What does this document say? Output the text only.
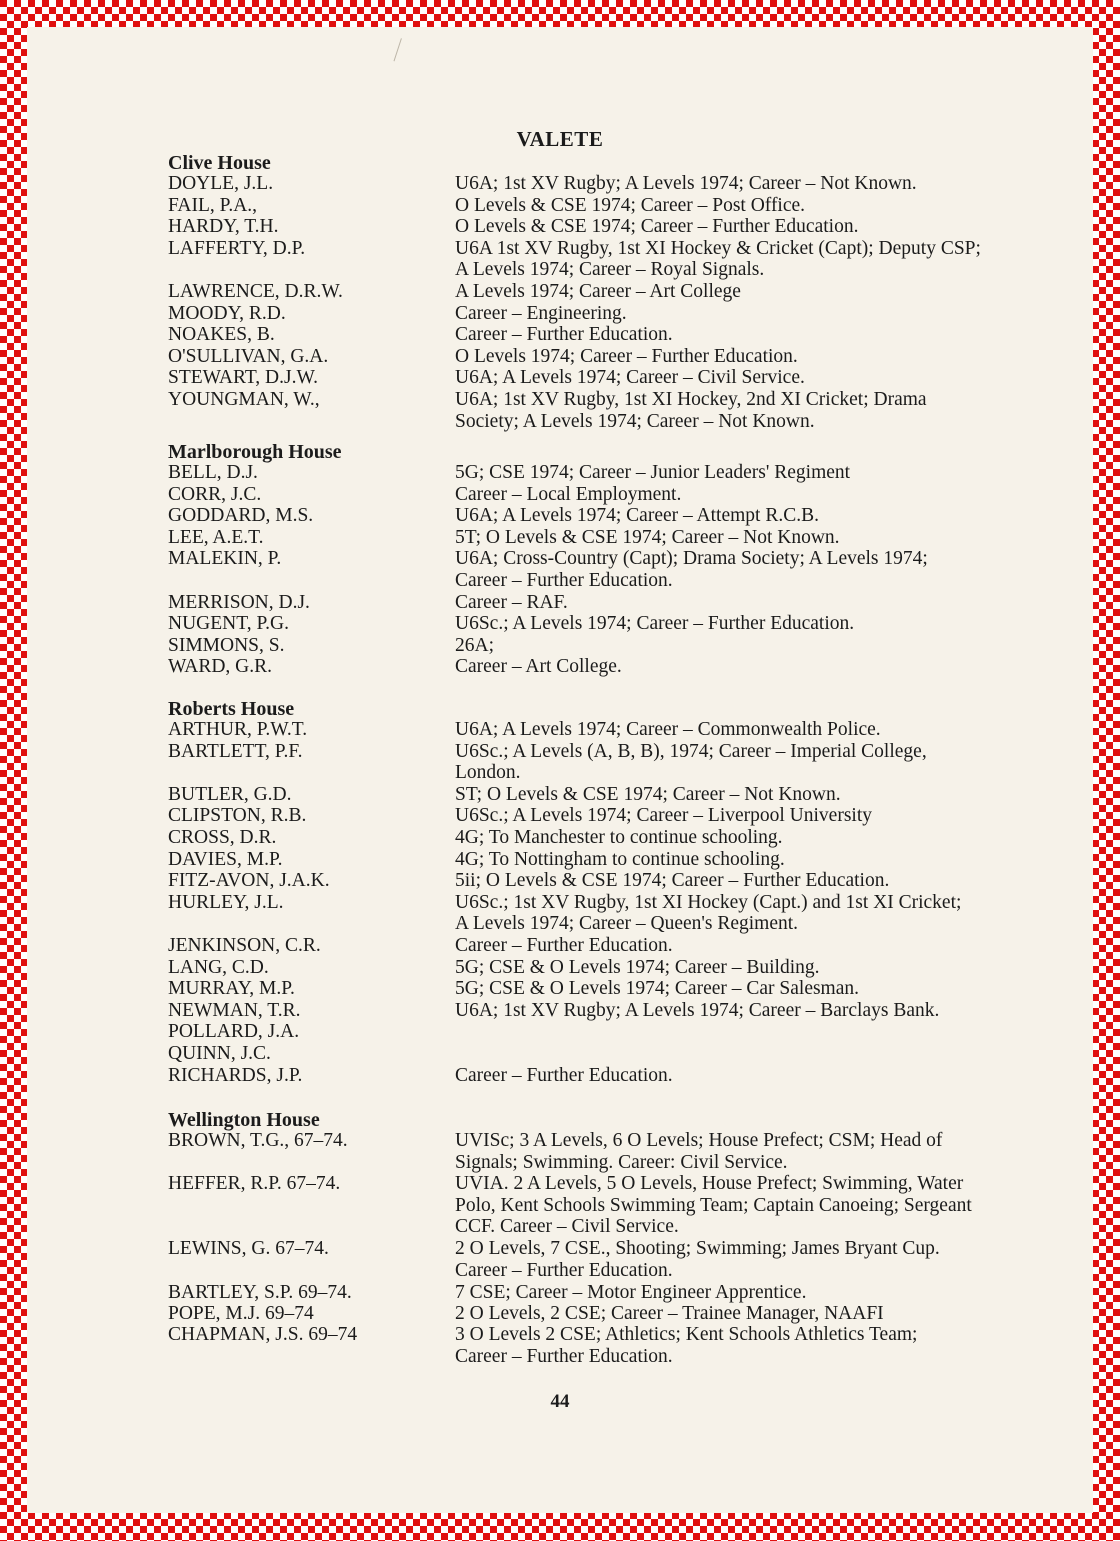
VALETE
Clive House
DOYLE, J.L.	U6A; 1st XV Rugby; A Levels 1974; Career – Not Known.
FAIL, P.A.,	O Levels & CSE 1974; Career – Post Office.
HARDY, T.H.	O Levels & CSE 1974; Career – Further Education.
LAFFERTY, D.P.	U6A 1st XV Rugby, 1st XI Hockey & Cricket (Capt); Deputy CSP;
A Levels 1974; Career – Royal Signals.
LAWRENCE, D.R.W.	A Levels 1974; Career – Art College
MOODY, R.D.	Career – Engineering.
NOAKES, B.	Career – Further Education.
O'SULLIVAN, G.A.	O Levels 1974; Career – Further Education.
STEWART, D.J.W.	U6A; A Levels 1974; Career – Civil Service.
YOUNGMAN, W.,	U6A; 1st XV Rugby, 1st XI Hockey, 2nd XI Cricket; Drama
Society; A Levels 1974; Career – Not Known.
Marlborough House
BELL, D.J.	5G; CSE 1974; Career – Junior Leaders' Regiment
CORR, J.C.	Career – Local Employment.
GODDARD, M.S.	U6A; A Levels 1974; Career – Attempt R.C.B.
LEE, A.E.T.	5T; O Levels & CSE 1974; Career – Not Known.
MALEKIN, P.	U6A; Cross-Country (Capt); Drama Society; A Levels 1974;
Career – Further Education.
MERRISON, D.J.	Career – RAF.
NUGENT, P.G.	U6Sc.; A Levels 1974; Career – Further Education.
SIMMONS, S.	26A;
WARD, G.R.	Career – Art College.
Roberts House
ARTHUR, P.W.T.	U6A; A Levels 1974; Career – Commonwealth Police.
BARTLETT, P.F.	U6Sc.; A Levels (A, B, B), 1974; Career – Imperial College,
London.
BUTLER, G.D.	ST; O Levels & CSE 1974; Career – Not Known.
CLIPSTON, R.B.	U6Sc.; A Levels 1974; Career – Liverpool University
CROSS, D.R.	4G; To Manchester to continue schooling.
DAVIES, M.P.	4G; To Nottingham to continue schooling.
FITZ-AVON, J.A.K.	5ii; O Levels & CSE 1974; Career – Further Education.
HURLEY, J.L.	U6Sc.; 1st XV Rugby, 1st XI Hockey (Capt.) and 1st XI Cricket;
A Levels 1974; Career – Queen's Regiment.
JENKINSON, C.R.	Career – Further Education.
LANG, C.D.	5G; CSE & O Levels 1974; Career – Building.
MURRAY, M.P.	5G; CSE & O Levels 1974; Career – Car Salesman.
NEWMAN, T.R.	U6A; 1st XV Rugby; A Levels 1974; Career – Barclays Bank.
POLLARD, J.A.
QUINN, J.C.
RICHARDS, J.P.	Career – Further Education.
Wellington House
BROWN, T.G., 67–74.	UVISc; 3 A Levels, 6 O Levels; House Prefect; CSM; Head of
Signals; Swimming. Career: Civil Service.
HEFFER, R.P. 67–74.	UVIA. 2 A Levels, 5 O Levels, House Prefect; Swimming, Water
Polo, Kent Schools Swimming Team; Captain Canoeing; Sergeant
CCF. Career – Civil Service.
LEWINS, G. 67–74.	2 O Levels, 7 CSE., Shooting; Swimming; James Bryant Cup.
Career – Further Education.
BARTLEY, S.P. 69–74.	7 CSE; Career – Motor Engineer Apprentice.
POPE, M.J. 69–74	2 O Levels, 2 CSE; Career – Trainee Manager, NAAFI
CHAPMAN, J.S. 69–74	3 O Levels 2 CSE; Athletics; Kent Schools Athletics Team;
Career – Further Education.
44
